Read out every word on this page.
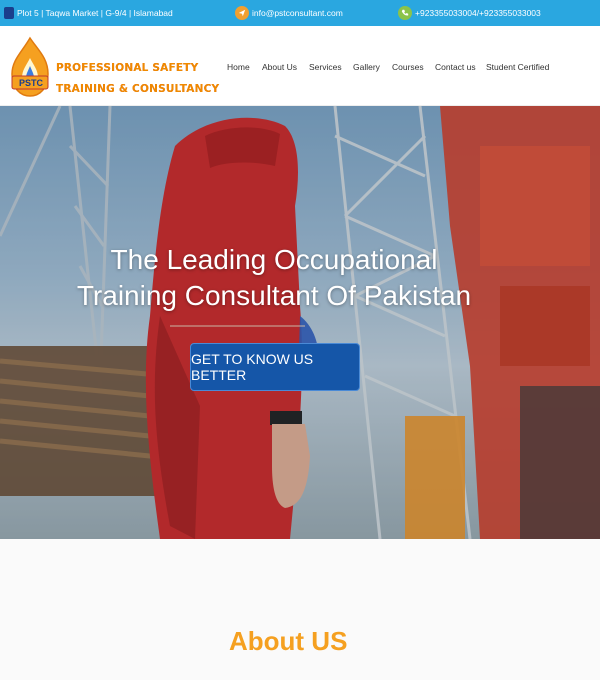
Plot 5 | Taqwa Market | G-9/4 | Islamabad	info@pstconsultant.com	+923355033004/+923355033003
PSTC
PROFESSIONAL SAFETY
TRAINING & CONSULTANCY
Home About Us Services Gallery Courses Contact us Student Certified
The Leading Occupational
Training Consultant Of Pakistan
GET TO KNOW US BETTER
About US
